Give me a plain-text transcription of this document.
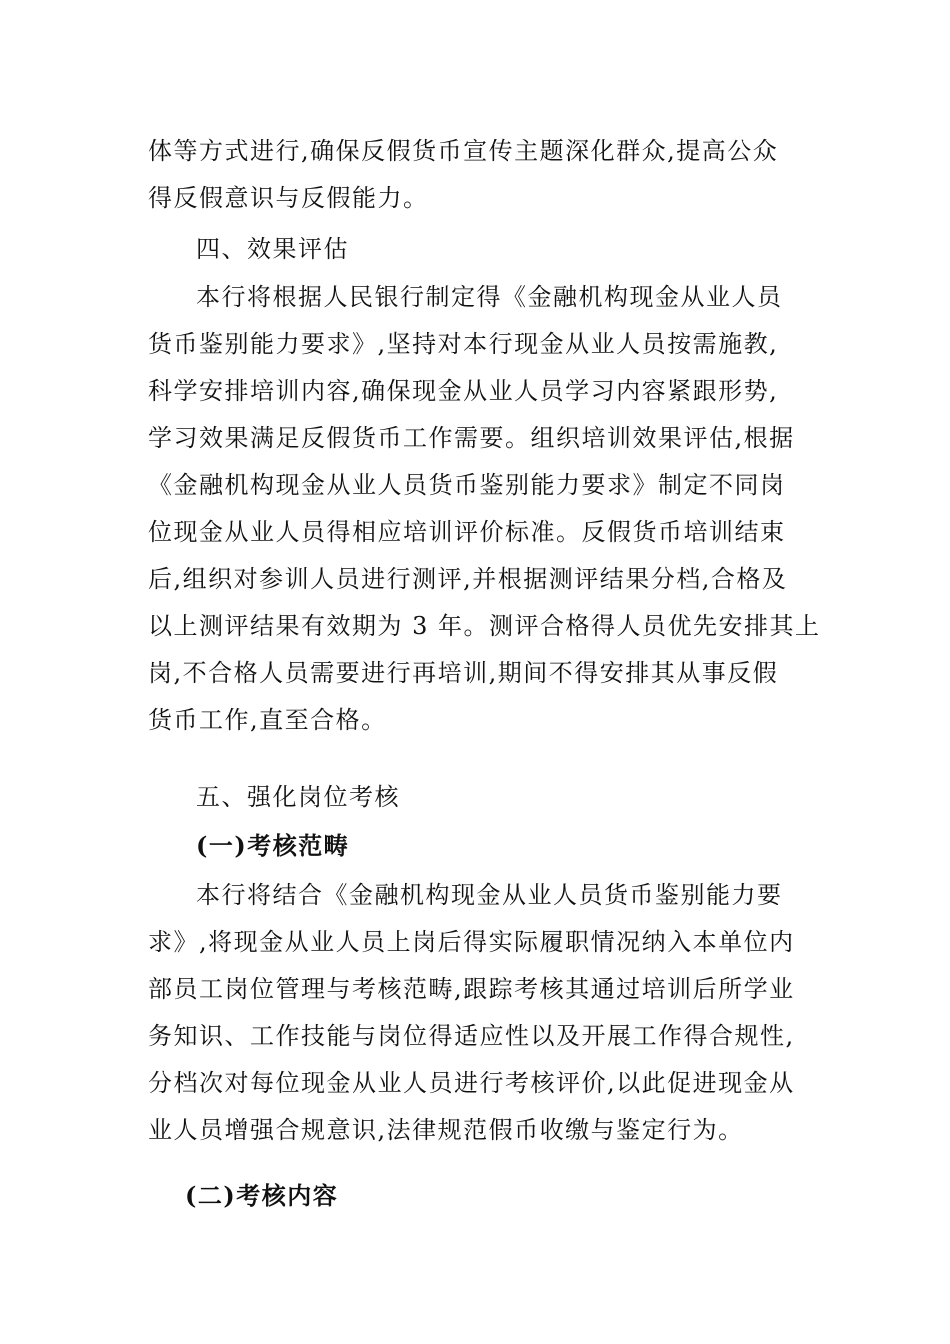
体等方式进行,确保反假货币宣传主题深化群众,提高公众
得反假意识与反假能力。
四、效果评估
本行将根据人民银行制定得《金融机构现金从业人员
货币鉴别能力要求》,坚持对本行现金从业人员按需施教,
科学安排培训内容,确保现金从业人员学习内容紧跟形势,
学习效果满足反假货币工作需要。组织培训效果评估,根据
《金融机构现金从业人员货币鉴别能力要求》制定不同岗
位现金从业人员得相应培训评价标准。反假货币培训结束
后,组织对参训人员进行测评,并根据测评结果分档,合格及
以上测评结果有效期为 3 年。测评合格得人员优先安排其上
岗,不合格人员需要进行再培训,期间不得安排其从事反假
货币工作,直至合格。
五、强化岗位考核
(一)考核范畴
本行将结合《金融机构现金从业人员货币鉴别能力要
求》,将现金从业人员上岗后得实际履职情况纳入本单位内
部员工岗位管理与考核范畴,跟踪考核其通过培训后所学业
务知识、工作技能与岗位得适应性以及开展工作得合规性,
分档次对每位现金从业人员进行考核评价,以此促进现金从
业人员增强合规意识,法律规范假币收缴与鉴定行为。
(二)考核内容
